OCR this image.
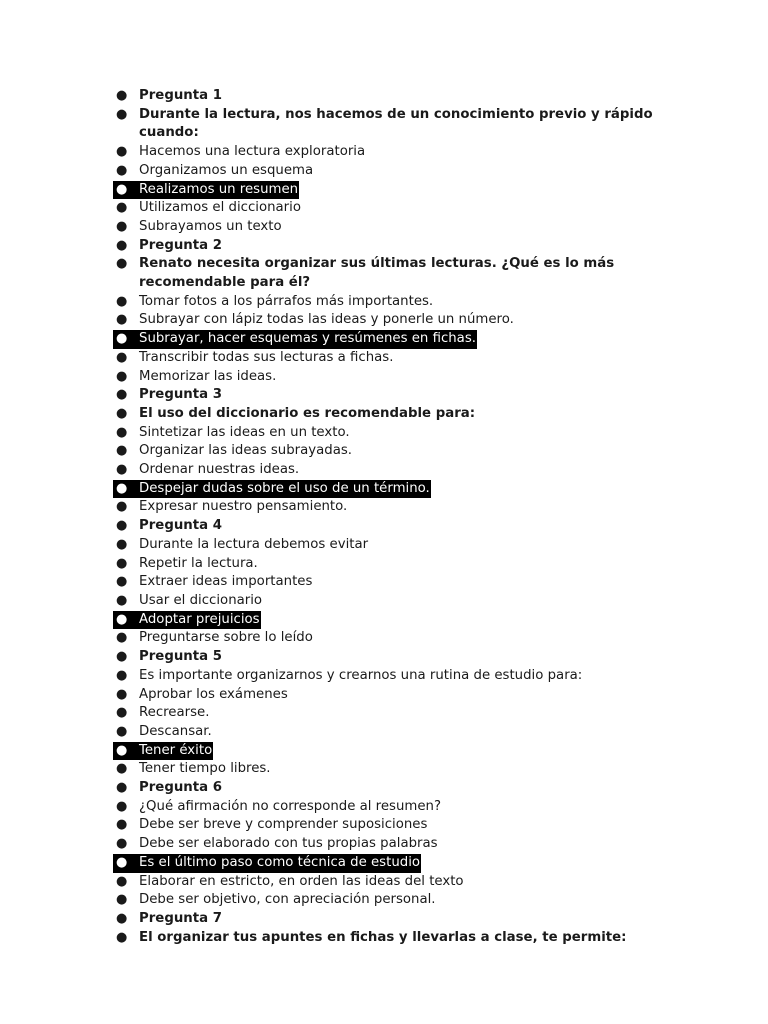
● Pregunta 1
● Durante la lectura, nos hacemos de un conocimiento previo y rápido cuando:
● Hacemos una lectura exploratoria
● Organizamos un esquema
● Realizamos un resumen
● Utilizamos el diccionario
● Subrayamos un texto
● Pregunta 2
● Renato necesita organizar sus últimas lecturas. ¿Qué es lo más recomendable para él?
● Tomar fotos a los párrafos más importantes.
● Subrayar con lápiz todas las ideas y ponerle un número.
● Subrayar, hacer esquemas y resúmenes en fichas.
● Transcribir todas sus lecturas a fichas.
● Memorizar las ideas.
● Pregunta 3
● El uso del diccionario es recomendable para:
● Sintetizar las ideas en un texto.
● Organizar las ideas subrayadas.
● Ordenar nuestras ideas.
● Despejar dudas sobre el uso de un término.
● Expresar nuestro pensamiento.
● Pregunta 4
● Durante la lectura debemos evitar
● Repetir la lectura.
● Extraer ideas importantes
● Usar el diccionario
● Adoptar prejuicios
● Preguntarse sobre lo leído
● Pregunta 5
● Es importante organizarnos y crearnos una rutina de estudio para:
● Aprobar los exámenes
● Recrearse.
● Descansar.
● Tener éxito
● Tener tiempo libres.
● Pregunta 6
● ¿Qué afirmación no corresponde al resumen?
● Debe ser breve y comprender suposiciones
● Debe ser elaborado con tus propias palabras
● Es el último paso como técnica de estudio
● Elaborar en estricto, en orden las ideas del texto
● Debe ser objetivo, con apreciación personal.
● Pregunta 7
● El organizar tus apuntes en fichas y llevarlas a clase, te permite:
